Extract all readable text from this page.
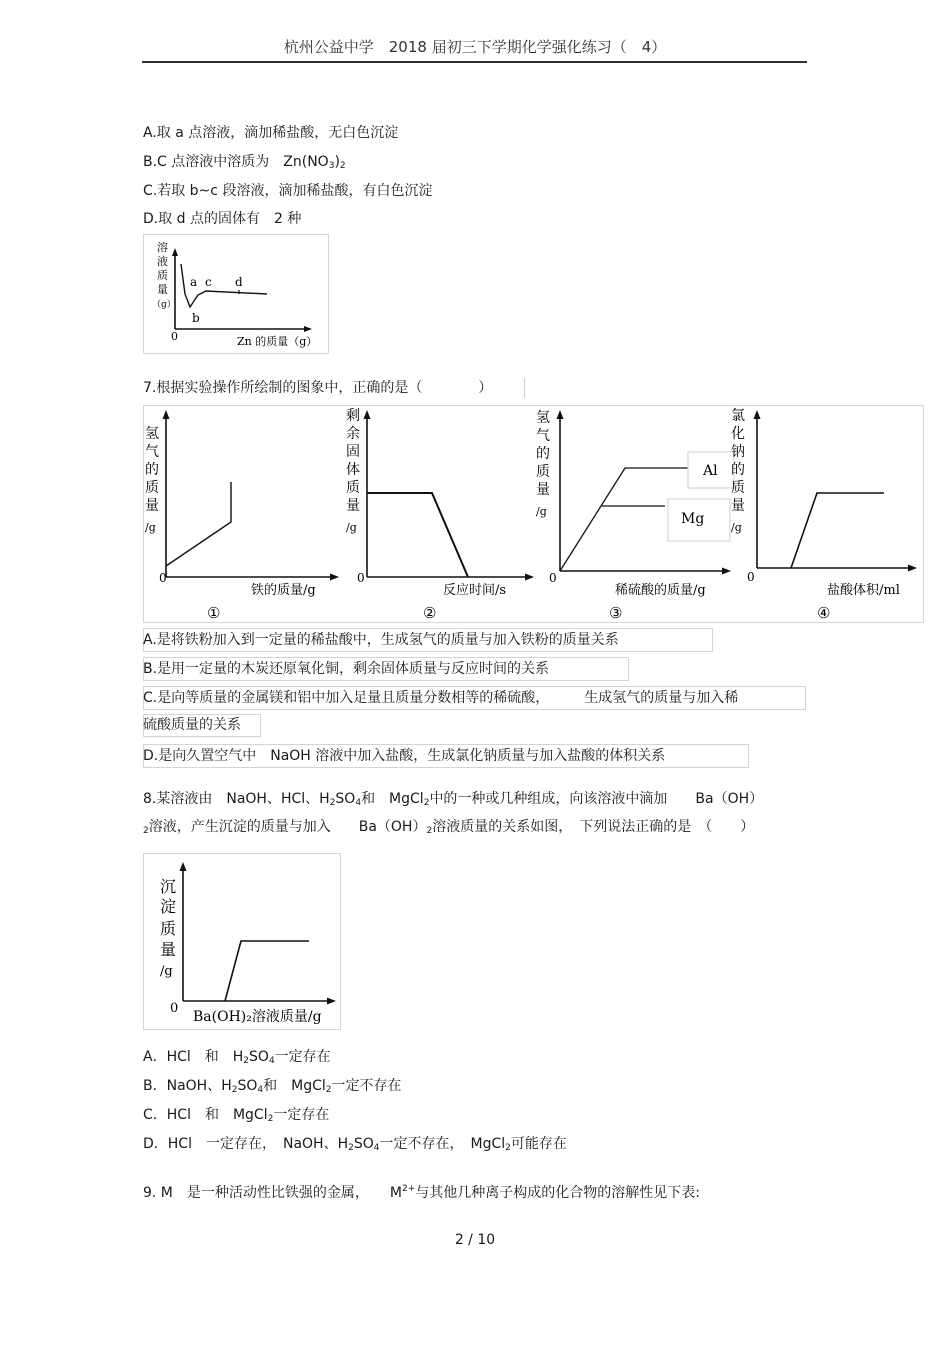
杭州公益中学　2018 届初三下学期化学强化练习（　4）
A.取 a 点溶液，滴加稀盐酸，无白色沉淀
B.C 点溶液中溶质为　$Zn(NO_3)_2$
C.若取 b~c 段溶液，滴加稀盐酸，有白色沉淀
D.取 d 点的固体有　2 种
溶
液
质
量
（g）
0	Zn 的质量（g）
a
b
c d
7.根据实验操作所绘制的图象中，正确的是（　　　　）
氢
气
的
质
量
/g
0
铁的质量/g
①
剩
余
固
体
质
量
/g
0
反应时间/s
②
Al
Mg
氢
气
的
质
量
/g
0
稀硫酸的质量/g
③
氯
化
钠
的
质
量
/g
0
盐酸体积/ml
④
A.是将铁粉加入到一定量的稀盐酸中，生成氢气的质量与加入铁粉的质量关系
B.是用一定量的木炭还原氧化铜，剩余固体质量与反应时间的关系
C.是向等质量的金属镁和铝中加入足量且质量分数相等的稀硫酸，　　　生成氢气的质量与加入稀
硫酸质量的关系
D.是向久置空气中　NaOH 溶液中加入盐酸，生成氯化钠质量与加入盐酸的体积关系
8.某溶液由　NaOH、HCl、$H_2SO_4$和　MgCl$_2$中的一种或几种组成，向该溶液中滴加　　Ba（OH）
$_2$溶液，产生沉淀的质量与加入　　$Ba(OH)_2$溶液质量的关系如图，　下列说法正确的是　（　　）
沉
淀
质
量
/g
0
Ba(OH)₂溶液质量/g
A．HCl　和　$H_2SO_4$一定存在
B．NaOH、$H_2SO_4$和　MgCl$_2$一定不存在
C．HCl　和　MgCl$_2$一定存在
D．HCl　一定存在，　NaOH、$H_2SO_4$一定不存在，　MgCl$_2$可能存在
9. M　是一种活动性比铁强的金属，　　$M^{2+}$与其他几种离子构成的化合物的溶解性见下表:
2 / 10
